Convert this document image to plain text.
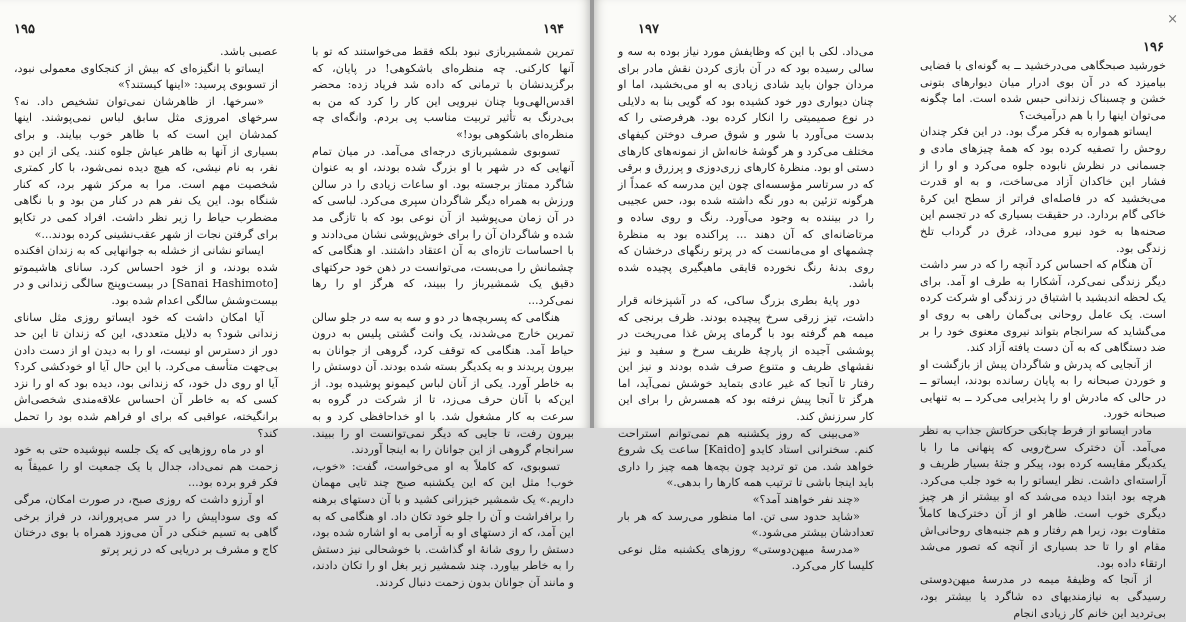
۱۹۵

عصبی باشد.

ایساتو با انگیزه‌ای که بیش از کنجکاوی معمولی نبود، از تسوبوی پرسید: «اینها کیستند؟»

«سرخها. از ظاهرشان نمی‌توان تشخیص داد. نه؟ سرخهای امروزی مثل سابق لباس نمی‌پوشند. اینها کمدشان این است که با ظاهر خوب بیایند. و برای بسیاری از آنها به ظاهر عیاش جلوه کنند. یکی از این دو نفر، به نام نیشی، که هیچ دیده نمی‌شود، با کار کمتری شخصیت مهم است. مرا به مرکز شهر برد، که کنار شنگاه بود. این یک نفر هم در کنار من بود و با نگاهی مضطرب حیاط را زیر نظر داشت. افراد کمی در تکاپو برای گرفتن نجات از شهر عقب‌نشینی کرده بودند...»

ایساتو نشانی از خشله به جوانهایی که به زندان افکنده شده بودند، و از خود احساس کرد. سانای هاشیموتو [Sanai Hashimoto] در بیست‌وپنج سالگی زندانی و در بیست‌وشش سالگی اعدام شده بود.

آیا امکان داشت که خود ایساتو روزی مثل سانای زندانی شود؟ به دلایل متعددی، این که زندان تا این حد دور از دسترس او نیست، او را به دیدن او از دست دادن بی‌جهت متأسف می‌کرد. با این حال آیا او خودکشی کرد؟ آیا او روی دل خود، که زندانی بود، دیده بود که او را نزد کسی که به خاطر آن احساس علاقه‌مندی شخصی‌اش برانگیخته، عواقبی که برای او فراهم شده بود را تحمل کند؟

او در ماه روزهایی که یک جلسه نپوشیده حتی به خود زحمت هم نمی‌داد، جدال با یک جمعیت او را عمیقاً به فکر فرو برده بود...

او آرزو داشت که روزی صبح، در صورت امکان، مرگی که وی سوداپیش را در سر می‌پروراند، در فراز برخی گاهی به تسیم خنکی در آن می‌وزد همراه با بوی درختان کاج و مشرف بر دریایی که در زیر پرتو

۱۹۴

تمرین شمشیربازی نبود بلکه فقط می‌خواستند که تو با آنها کارکنی. چه منظره‌ای باشکوهی! در پایان، که برگزیدنشان با ترمانی که داده شد فریاد زده: محضر اقدس‌الهی‌وبا چنان نیرویی این کار را کرد که من به بی‌درنگ به تأثیر تربیت مناسب پی بردم. وانگه‌ای چه منظره‌ای باشکوهی بود!»

تسوبوی شمشیربازی درجه‌ای می‌آمد. در میان تمام آنهایی که در شهر با او بزرگ شده بودند، او به عنوان شاگرد ممتاز برجسته بود. او ساعات زیادی را در سالن ورزش به همراه دیگر شاگردان سپری می‌کرد. لباسی که در آن زمان می‌پوشید از آن نوعی بود که با تازگی مد شده و شاگردان آن را برای خوش‌پوشی نشان می‌دادند و با احساسات تازه‌ای به آن اعتقاد داشتند. او هنگامی که چشمانش را می‌بست، می‌توانست در ذهن خود حرکتهای دقیق یک شمشیرباز را ببیند، که هرگز او را رها نمی‌کرد...

هنگامی که پسربچه‌ها در دو و سه به سه در جلو سالن تمرین خارج می‌شدند، یک وانت گشتی پلیس به درون حیاط آمد. هنگامی که توقف کرد، گروهی از جوانان به بیرون پریدند و به یکدیگر بسته شده بودند. آن دوستش را به خاطر آورد. یکی از آنان لباس کیمونو پوشیده بود. از این‌که با آنان حرف می‌زد، تا از شرکت در گروه به سرعت به کار مشغول شد. با او خداحافظی کرد و به بیرون رفت، تا جایی که دیگر نمی‌توانست او را ببیند. سرانجام گروهی از این جوانان را به اینجا آوردند.

تسوبوی، که کاملاً به او می‌خواست، گفت: «خوب، خوب! مثل این که این یکشنبه صبح چند تایی مهمان داریم.» یک شمشیر خیزرانی کشید و با آن دستهای برهنه را برافراشت و آن را جلو خود تکان داد. او هنگامی که به این آمد، که از دستهای او به آرامی به او اشاره شده بود، دستش را روی شانهٔ او گذاشت. با خوشحالی نیز دستش را به خاطر بیاورد. چند شمشیر زیر بغل او را تکان دادند، و مانند آن جوانان بدون زحمت دنبال کردند.

۱۹۷

می‌داد. لکی با این که وظایفش مورد نیاز بوده به سه و سالی رسیده بود که در آن بازی کردن نقش مادر برای مردان جوان باید شادی زیادی به او می‌بخشید، اما او چنان دیواری دور خود کشیده بود که گویی بنا به دلایلی در نوع صمیمیتی را انکار کرده بود. هرفرصتی را که بدست می‌آورد با شور و شوق صرف دوختن کیفهای مختلف می‌کرد و هر گوشهٔ خانه‌اش از نمونه‌های کارهای دستی او بود. منظرهٔ کارهای زری‌دوزی و پرزرق و برقی که در سرتاسر مؤسسه‌ای چون این مدرسه که عمداً از هرگونه تزئین به دور نگه داشته شده بود، حس عجیبی را در بیننده به وجود می‌آورد. رنگ و روی ساده و مرتاضانه‌ای که آن دهند ... پراکنده بود به منظرهٔ چشمهای او می‌مانست که در پرتو رنگهای درخشان که روی بدنهٔ رنگ نخورده قایقی ماهیگیری پچیده شده باشد.

دور پایهٔ بطری بزرگ ساکی، که در آشپزخانه قرار داشت، تیز زرقی سرخ پیچیده بودند. ظرف برنجی که میمه هم گرفته بود با گرمای پرش غذا می‌ریخت در پوششی آجیده از پارچهٔ ظریف سرخ و سفید و نیز نقشهای ظریف و متنوع صرف شده بودند و نیز این رفتار تا آنجا که غیر عادی بتماید خوشش نمی‌آید، اما هرگز تا آنجا پیش نرفته بود که همسرش را برای این کار سرزنش کند.

«می‌بینی که روز یکشنبه هم نمی‌توانم استراحت کنم. سخنرانی استاد کایدو [Kaido] ساعت یک شروع خواهد شد. من تو تردید چون بچه‌ها همه چیز را داری باید اینجا باشی تا ترتیب همه کارها را بدهی.»

«چند نفر خواهند آمد؟»

«شاید حدود سی تن. اما منظور می‌رسد که هر بار تعدادشان بیشتر می‌شود.»

«مدرسهٔ میهن‌دوستی» روزهای یکشنبه مثل نوعی کلیسا کار می‌کرد.

۱۹۶
×

خورشید صبحگاهی می‌درخشید ــ به گونه‌ای با فضایی بیامیزد که در آن بوی ادرار میان دیوارهای بتونی خشن و چسبناک زندانی حبس شده است. اما چگونه می‌توان اینها را با هم درآمیخت؟

ایساتو همواره به فکر مرگ بود. در این فکر چندان روحش را تصفیه کرده بود که همهٔ چیزهای مادی و جسمانی در نظرش نابوده جلوه می‌کرد و او را از فشار این خاکدان آزاد می‌ساخت، و به او قدرت می‌بخشید که در فاصله‌ای فراتر از سطح این کرهٔ خاکی گام بردارد. در حقیقت بسیاری که در تجسم این صحنه‌ها به خود نیرو می‌داد، غرق در گرداب تلخ زندگی بود.

آن هنگام که احساس کرد آنچه را که در سر داشت دیگر زندگی نمی‌کرد، آشکارا به طرف او آمد. برای یک لحظه اندیشید با اشتیاق در زندگی او شرکت کرده است. یک عامل روحانی بی‌گمان راهی به روی او می‌گشاید که سرانجام بتواند نیروی معنوی خود را بر ضد دستگاهی که به آن دست یافته آزاد کند.

از آنجایی که پدرش و شاگردان پیش از بازگشت او و خوردن صبحانه را به پایان رسانده بودند، ایساتو ــ در حالی که مادرش او را پذیرایی می‌کرد ــ به تنهایی صبحانه خورد.

مادر ایساتو از فرط چابکی حرکاتش جذاب به نظر می‌آمد. آن دخترک سرخ‌رویی که پنهانی ما را با یکدیگر مقایسه کرده بود، پیکر و جثهٔ بسیار ظریف و آراسته‌ای داشت. نظر ایساتو را به خود جلب می‌کرد. هرچه بود ابتدا دیده می‌شد که او بیشتر از هر چیز دیگری خوب است. ظاهر او از آن دخترک‌ها کاملاً متفاوت بود، زیرا هم رفتار و هم جنبه‌های روحانی‌اش مقام او را تا حد بسیاری از آنچه که تصور می‌شد ارتقاء داده بود.

از آنجا که وظیفهٔ میمه در مدرسهٔ میهن‌دوستی رسیدگی به نیازمندیهای ده شاگرد یا بیشتر بود، بی‌تردید این خانم کار زیادی انجام
